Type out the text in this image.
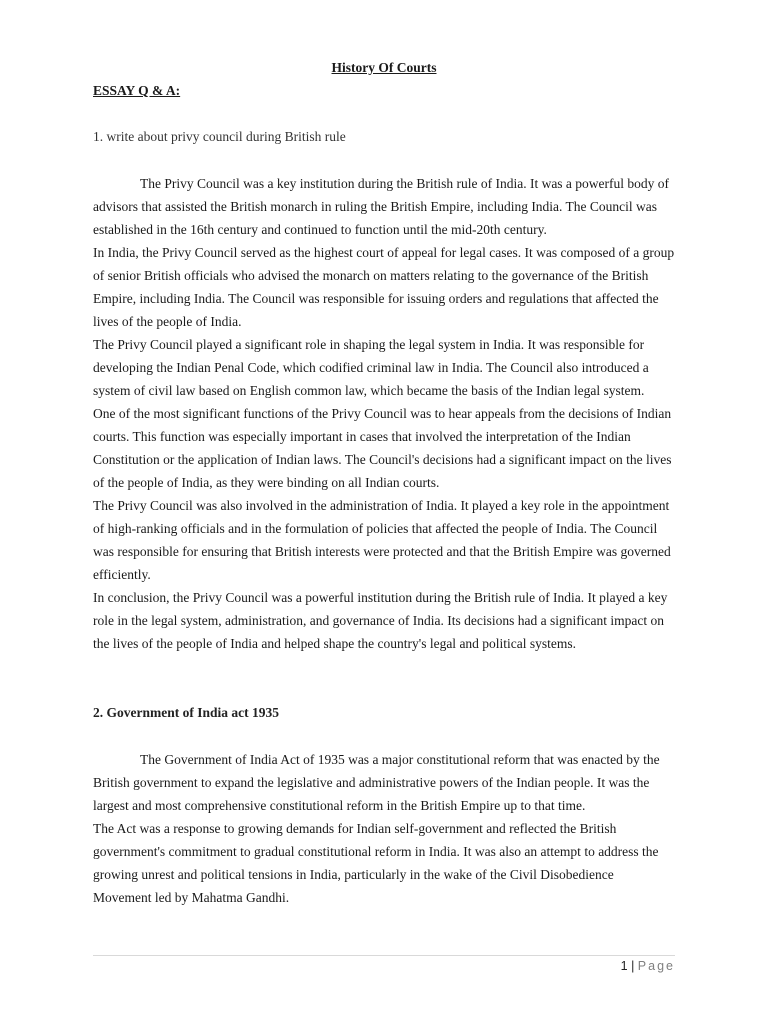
History Of Courts
ESSAY Q & A:
1. write about privy council during British rule

The Privy Council was a key institution during the British rule of India. It was a powerful body of advisors that assisted the British monarch in ruling the British Empire, including India. The Council was established in the 16th century and continued to function until the mid-20th century.

In India, the Privy Council served as the highest court of appeal for legal cases. It was composed of a group of senior British officials who advised the monarch on matters relating to the governance of the British Empire, including India. The Council was responsible for issuing orders and regulations that affected the lives of the people of India.

The Privy Council played a significant role in shaping the legal system in India. It was responsible for developing the Indian Penal Code, which codified criminal law in India. The Council also introduced a system of civil law based on English common law, which became the basis of the Indian legal system.

One of the most significant functions of the Privy Council was to hear appeals from the decisions of Indian courts. This function was especially important in cases that involved the interpretation of the Indian Constitution or the application of Indian laws. The Council's decisions had a significant impact on the lives of the people of India, as they were binding on all Indian courts.

The Privy Council was also involved in the administration of India. It played a key role in the appointment of high-ranking officials and in the formulation of policies that affected the people of India. The Council was responsible for ensuring that British interests were protected and that the British Empire was governed efficiently.

In conclusion, the Privy Council was a powerful institution during the British rule of India. It played a key role in the legal system, administration, and governance of India. Its decisions had a significant impact on the lives of the people of India and helped shape the country's legal and political systems.

2. Government of India act 1935

The Government of India Act of 1935 was a major constitutional reform that was enacted by the British government to expand the legislative and administrative powers of the Indian people. It was the largest and most comprehensive constitutional reform in the British Empire up to that time.

The Act was a response to growing demands for Indian self-government and reflected the British government's commitment to gradual constitutional reform in India. It was also an attempt to address the growing unrest and political tensions in India, particularly in the wake of the Civil Disobedience Movement led by Mahatma Gandhi.

1 | Page
